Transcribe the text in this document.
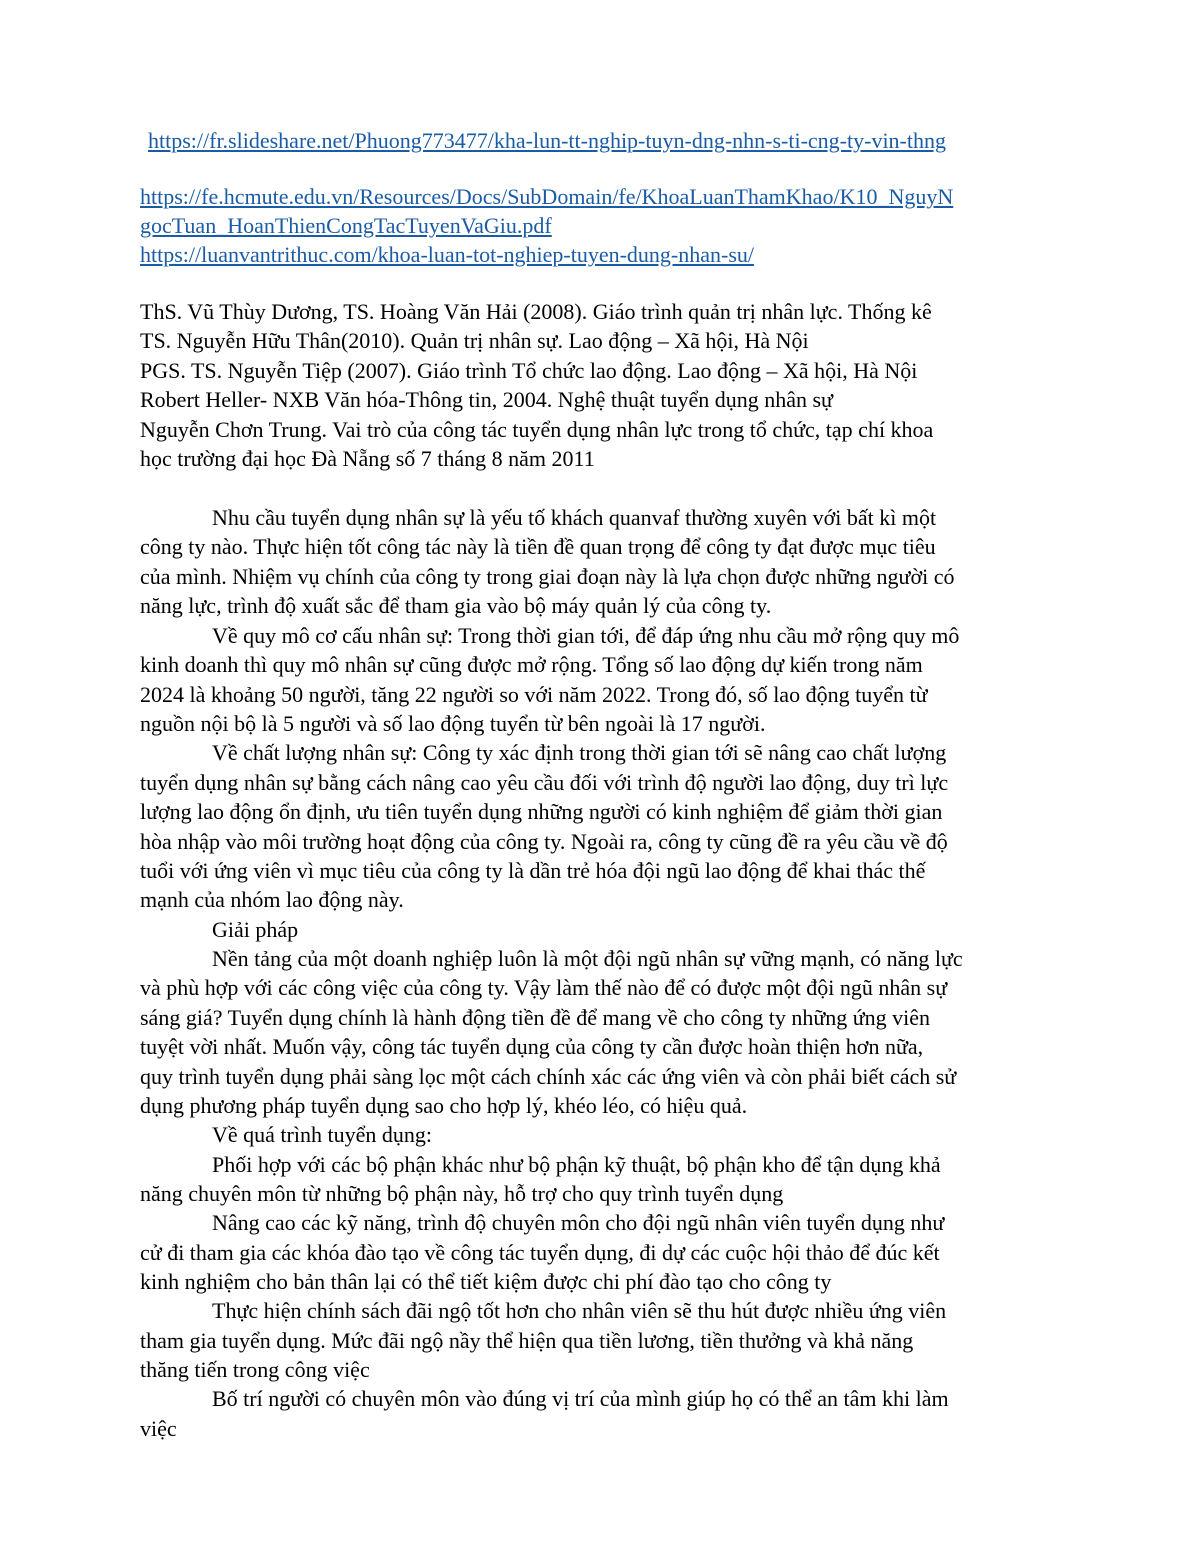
https://fr.slideshare.net/Phuong773477/kha-lun-tt-nghip-tuyn-dng-nhn-s-ti-cng-ty-vin-thng
https://fe.hcmute.edu.vn/Resources/Docs/SubDomain/fe/KhoaLuanThamKhao/K10_NguyN
gocTuan_HoanThienCongTacTuyenVaGiu.pdf
https://luanvantrithuc.com/khoa-luan-tot-nghiep-tuyen-dung-nhan-su/

ThS. Vũ Thùy Dương, TS. Hoàng Văn Hải (2008). Giáo trình quản trị nhân lực. Thống kê

TS. Nguyễn Hữu Thân(2010). Quản trị nhân sự. Lao động – Xã hội, Hà Nội

PGS. TS. Nguyễn Tiệp (2007). Giáo trình Tổ chức lao động. Lao động – Xã hội, Hà Nội

Robert Heller- NXB Văn hóa-Thông tin, 2004. Nghệ thuật tuyển dụng nhân sự

Nguyễn Chơn Trung. Vai trò của công tác tuyển dụng nhân lực trong tổ chức, tạp chí khoa

học trường đại học Đà Nẵng số 7 tháng 8 năm 2011

Nhu cầu tuyển dụng nhân sự là yếu tố khách quanvaf thường xuyên với bất kì một

công ty nào. Thực hiện tốt công tác này là tiền đề quan trọng để công ty đạt được mục tiêu

của mình. Nhiệm vụ chính của công ty trong giai đoạn này là lựa chọn được những người có

năng lực, trình độ xuất sắc để tham gia vào bộ máy quản lý của công ty.

Về quy mô cơ cấu nhân sự: Trong thời gian tới, để đáp ứng nhu cầu mở rộng quy mô

kinh doanh thì quy mô nhân sự cũng được mở rộng. Tổng số lao động dự kiến trong năm

2024 là khoảng 50 người, tăng 22 người so với năm 2022. Trong đó, số lao động tuyển từ

nguồn nội bộ là 5 người và số lao động tuyển từ bên ngoài là 17 người.

Về chất lượng nhân sự: Công ty xác định trong thời gian tới sẽ nâng cao chất lượng

tuyển dụng nhân sự bằng cách nâng cao yêu cầu đối với trình độ người lao động, duy trì lực

lượng lao động ổn định, ưu tiên tuyển dụng những người có kinh nghiệm để giảm thời gian

hòa nhập vào môi trường hoạt động của công ty. Ngoài ra, công ty cũng đề ra yêu cầu về độ

tuổi với ứng viên vì mục tiêu của công ty là dần trẻ hóa đội ngũ lao động để khai thác thế

mạnh của nhóm lao động này.

Giải pháp

Nền tảng của một doanh nghiệp luôn là một đội ngũ nhân sự vững mạnh, có năng lực

và phù hợp với các công việc của công ty. Vậy làm thế nào để có được một đội ngũ nhân sự

sáng giá? Tuyển dụng chính là hành động tiền đề để mang về cho công ty những ứng viên

tuyệt vời nhất. Muốn vậy, công tác tuyển dụng của công ty cần được hoàn thiện hơn nữa,

quy trình tuyển dụng phải sàng lọc một cách chính xác các ứng viên và còn phải biết cách sử

dụng phương pháp tuyển dụng sao cho hợp lý, khéo léo, có hiệu quả.

Về quá trình tuyển dụng:

Phối hợp với các bộ phận khác như bộ phận kỹ thuật, bộ phận kho để tận dụng khả

năng chuyên môn từ những bộ phận này, hỗ trợ cho quy trình tuyển dụng

Nâng cao các kỹ năng, trình độ chuyên môn cho đội ngũ nhân viên tuyển dụng như

cử đi tham gia các khóa đào tạo về công tác tuyển dụng, đi dự các cuộc hội thảo để đúc kết

kinh nghiệm cho bản thân lại có thể tiết kiệm được chi phí đào tạo cho công ty

Thực hiện chính sách đãi ngộ tốt hơn cho nhân viên sẽ thu hút được nhiều ứng viên

tham gia tuyển dụng. Mức đãi ngộ nầy thể hiện qua tiền lương, tiền thưởng và khả năng

thăng tiến trong công việc

Bố trí người có chuyên môn vào đúng vị trí của mình giúp họ có thể an tâm khi làm

việc
